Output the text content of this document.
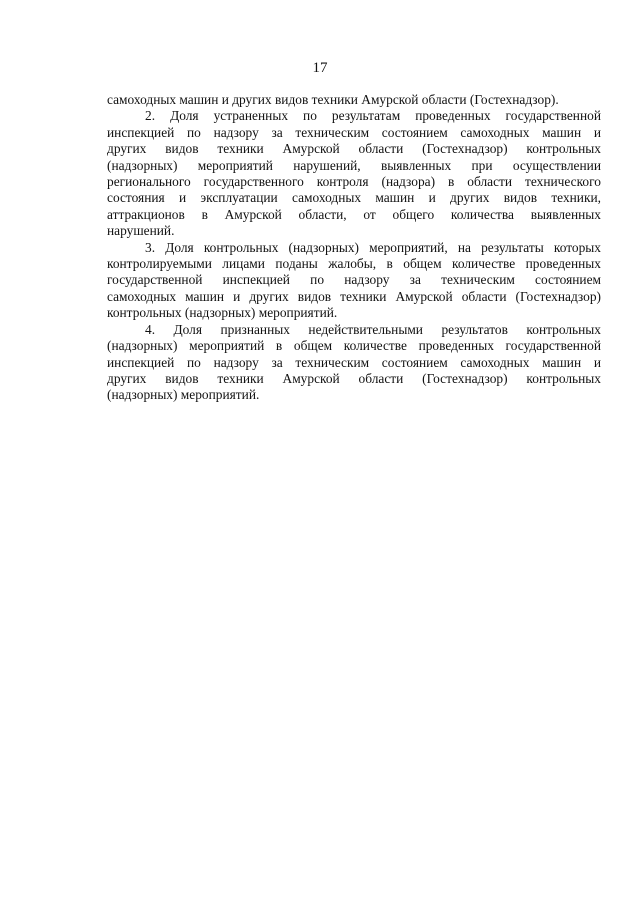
17
самоходных машин и других видов техники Амурской области (Гостехнадзор).
2. Доля устраненных по результатам проведенных государственной
инспекцией по надзору за техническим состоянием самоходных машин и
других видов техники Амурской области (Гостехнадзор) контрольных
(надзорных) мероприятий нарушений, выявленных при осуществлении
регионального государственного контроля (надзора) в области технического
состояния и эксплуатации самоходных машин и других видов техники,
аттракционов в Амурской области, от общего количества выявленных
нарушений.
3. Доля контрольных (надзорных) мероприятий, на результаты которых
контролируемыми лицами поданы жалобы, в общем количестве проведенных
государственной инспекцией по надзору за техническим состоянием
самоходных машин и других видов техники Амурской области (Гостехнадзор)
контрольных (надзорных) мероприятий.
4. Доля признанных недействительными результатов контрольных
(надзорных) мероприятий в общем количестве проведенных государственной
инспекцией по надзору за техническим состоянием самоходных машин и
других видов техники Амурской области (Гостехнадзор) контрольных
(надзорных) мероприятий.
